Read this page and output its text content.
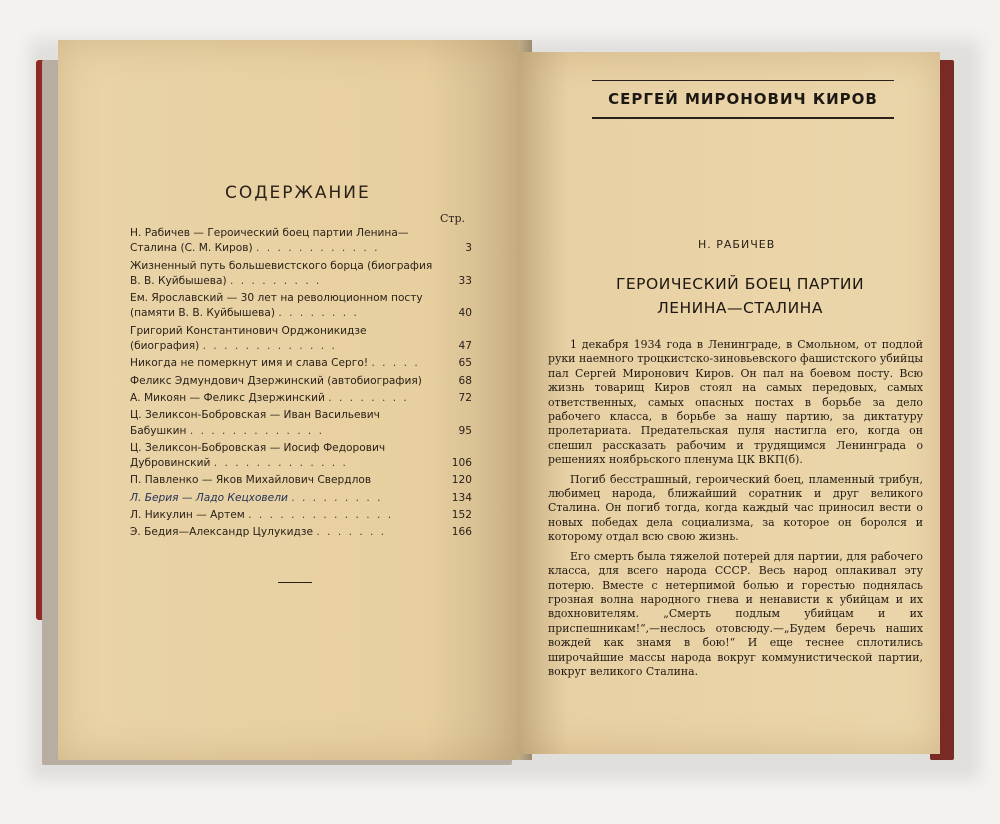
СОДЕРЖАНИЕ
Стр.
Н. Рабичев — Героический боец партии Ленина—Сталина (С. М. Киров) . . . . . . . . . . . .	3
Жизненный путь большевистского борца (биография В. В. Куйбышева) . . . . . . . . .	33
Ем. Ярославский — 30 лет на революционном посту (памяти В. В. Куйбышева) . . . . . . . .	40
Григорий Константинович Орджоникидзе (биография) . . . . . . . . . . . . .	47
Никогда не померкнут имя и слава Серго! . . . . .	65
Феликс Эдмундович Дзержинский (автобиография)	68
А. Микоян — Феликс Дзержинский . . . . . . . .	72
Ц. Зеликсон-Бобровская — Иван Васильевич Бабушкин . . . . . . . . . . . . .	95
Ц. Зеликсон-Бобровская — Иосиф Федорович Дубровинский . . . . . . . . . . . . .	106
П. Павленко — Яков Михайлович Свердлов	120
Л. Берия — Ладо Кецховели . . . . . . . . .	134
Л. Никулин — Артем . . . . . . . . . . . . . .	152
Э. Бедия—Александр Цулукидзе . . . . . . .	166
СЕРГЕЙ МИРОНОВИЧ КИРОВ
Н. РАБИЧЕВ
ГЕРОИЧЕСКИЙ БОЕЦ ПАРТИИ
ЛЕНИНА—СТАЛИНА

1 декабря 1934 года в Ленинграде, в Смольном, от подлой руки наемного троцкистско-зиновьевского фашистского убийцы пал Сергей Миронович Киров. Он пал на боевом посту. Всю жизнь товарищ Киров стоял на самых передовых, самых ответственных, самых опасных постах в борьбе за дело рабочего класса, в борьбе за нашу партию, за диктатуру пролетариата. Предательская пуля настигла его, когда он спешил рассказать рабочим и трудящимся Ленинграда о решениях ноябрьского пленума ЦК ВКП(б).

Погиб бесстрашный, героический боец, пламенный трибун, любимец народа, ближайший соратник и друг великого Сталина. Он погиб тогда, когда каждый час приносил вести о новых победах дела социализма, за которое он боролся и которому отдал всю свою жизнь.

Его смерть была тяжелой потерей для партии, для рабочего класса, для всего народа СССР. Весь народ оплакивал эту потерю. Вместе с нетерпимой болью и горестью поднялась грозная волна народного гнева и ненависти к убийцам и их вдохновителям. „Смерть подлым убийцам и их приспешникам!“,—неслось отовсюду.—„Будем беречь наших вождей как знамя в бою!“ И еще теснее сплотились широчайшие массы народа вокруг коммунистической партии, вокруг великого Сталина.
